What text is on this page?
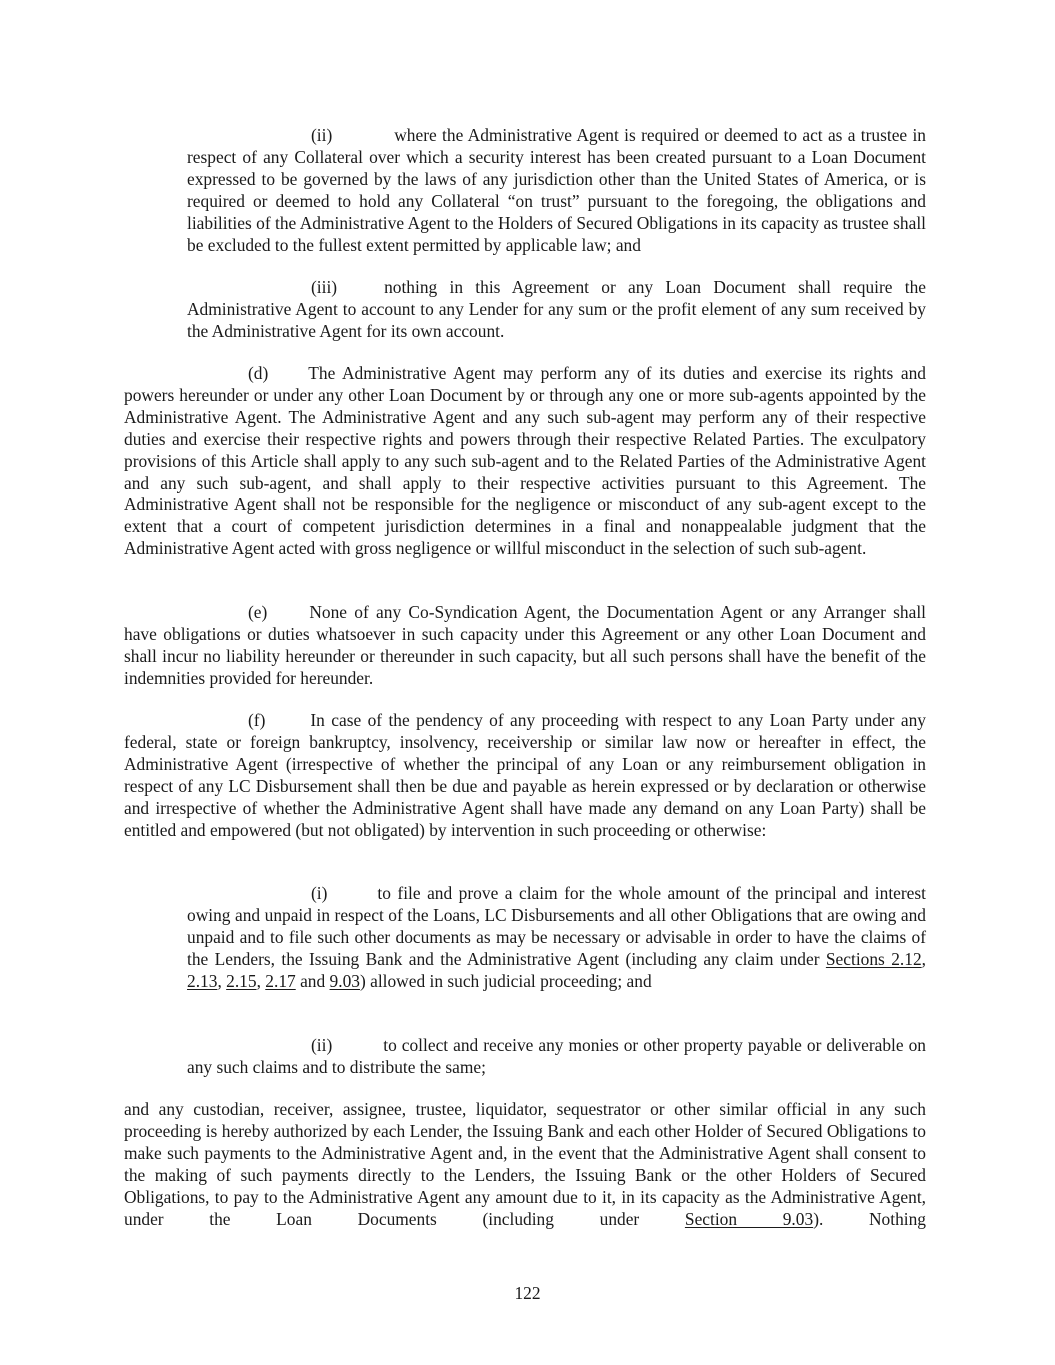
(ii)	where the Administrative Agent is required or deemed to act as a trustee in respect of any Collateral over which a security interest has been created pursuant to a Loan Document expressed to be governed by the laws of any jurisdiction other than the United States of America, or is required or deemed to hold any Collateral “on trust” pursuant to the foregoing, the obligations and liabilities of the Administrative Agent to the Holders of Secured Obligations in its capacity as trustee shall be excluded to the fullest extent permitted by applicable law; and

(iii)	nothing in this Agreement or any Loan Document shall require the Administrative Agent to account to any Lender for any sum or the profit element of any sum received by the Administrative Agent for its own account.

(d) The Administrative Agent may perform any of its duties and exercise its rights and powers hereunder or under any other Loan Document by or through any one or more sub-agents appointed by the Administrative Agent. The Administrative Agent and any such sub-agent may perform any of their respective duties and exercise their respective rights and powers through their respective Related Parties. The exculpatory provisions of this Article shall apply to any such sub-agent and to the Related Parties of the Administrative Agent and any such sub-agent, and shall apply to their respective activities pursuant to this Agreement. The Administrative Agent shall not be responsible for the negligence or misconduct of any sub-agent except to the extent that a court of competent jurisdiction determines in a final and nonappealable judgment that the Administrative Agent acted with gross negligence or willful misconduct in the selection of such sub-agent.

(e) None of any Co-Syndication Agent, the Documentation Agent or any Arranger shall have obligations or duties whatsoever in such capacity under this Agreement or any other Loan Document and shall incur no liability hereunder or thereunder in such capacity, but all such persons shall have the benefit of the indemnities provided for hereunder.

(f)	In case of the pendency of any proceeding with respect to any Loan Party under any federal, state or foreign bankruptcy, insolvency, receivership or similar law now or hereafter in effect, the Administrative Agent (irrespective of whether the principal of any Loan or any reimbursement obligation in respect of any LC Disbursement shall then be due and payable as herein expressed or by declaration or otherwise and irrespective of whether the Administrative Agent shall have made any demand on any Loan Party) shall be entitled and empowered (but not obligated) by intervention in such proceeding or otherwise:

(i)	to file and prove a claim for the whole amount of the principal and interest owing and unpaid in respect of the Loans, LC Disbursements and all other Obligations that are owing and unpaid and to file such other documents as may be necessary or advisable in order to have the claims of the Lenders, the Issuing Bank and the Administrative Agent (including any claim under Sections 2.12, 2.13, 2.15, 2.17 and 9.03) allowed in such judicial proceeding; and

(ii)	to collect and receive any monies or other property payable or deliverable on any such claims and to distribute the same;

and any custodian, receiver, assignee, trustee, liquidator, sequestrator or other similar official in any such proceeding is hereby authorized by each Lender, the Issuing Bank and each other Holder of Secured Obligations to make such payments to the Administrative Agent and, in the event that the Administrative Agent shall consent to the making of such payments directly to the Lenders, the Issuing Bank or the other Holders of Secured Obligations, to pay to the Administrative Agent any amount due to it, in its capacity as the Administrative Agent, under the Loan Documents (including under Section 9.03). Nothing

122
